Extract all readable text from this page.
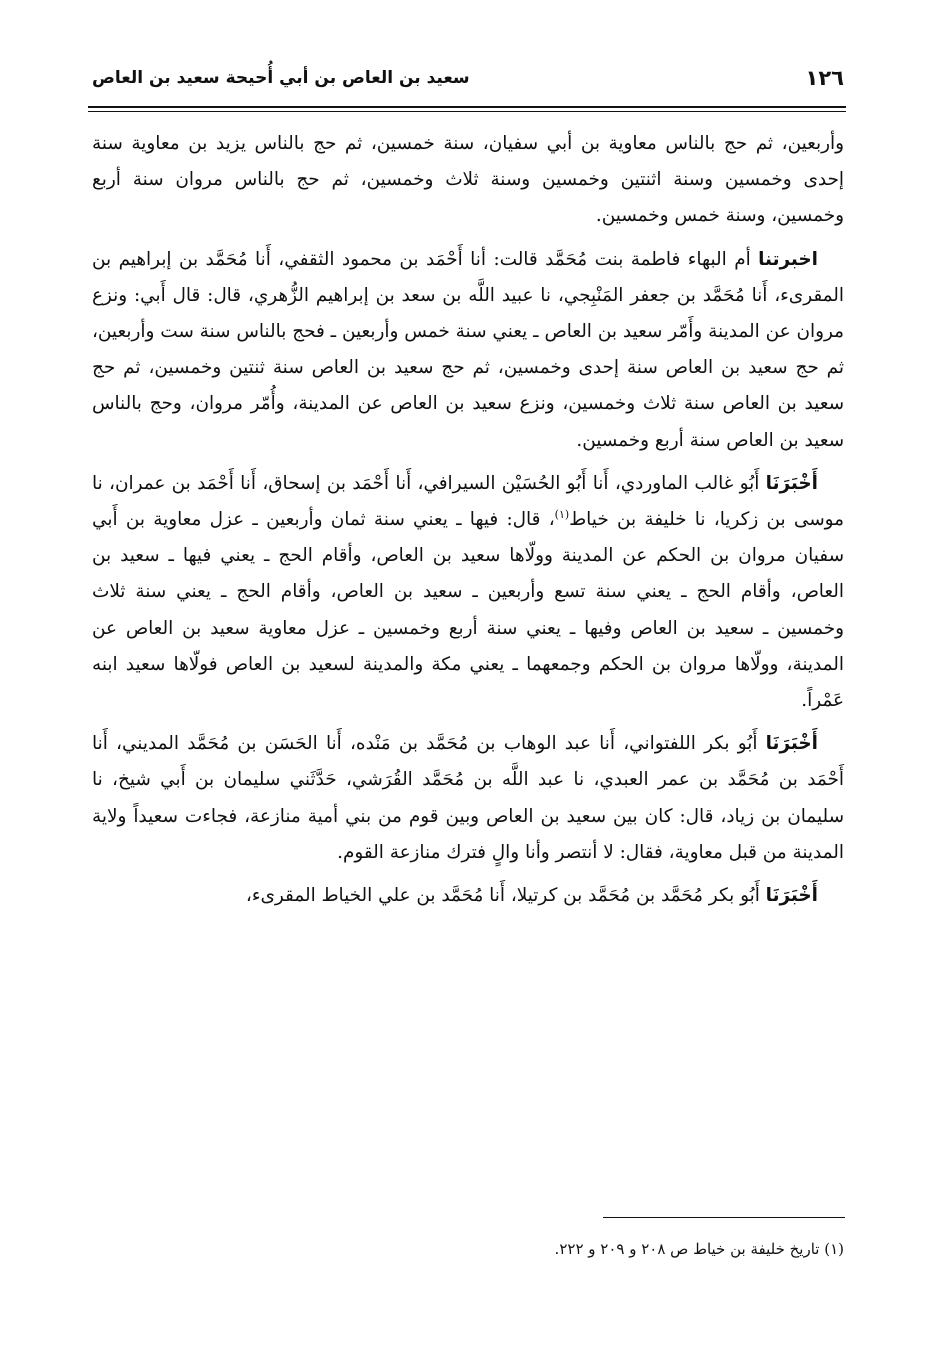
١٢٦
سعيد بن العاص بن أبي أُحيحة سعيد بن العاص

وأربعين، ثم حج بالناس معاوية بن أبي سفيان، سنة خمسين، ثم حج بالناس يزيد بن معاوية سنة إحدى وخمسين وسنة اثنتين وخمسين وسنة ثلاث وخمسين، ثم حج بالناس مروان سنة أربع وخمسين، وسنة خمس وخمسين.

اخبرتنا أم البهاء فاطمة بنت مُحَمَّد قالت: أنا أَحْمَد بن محمود الثقفي، أَنا مُحَمَّد بن إبراهيم بن المقرىء، أَنا مُحَمَّد بن جعفر المَنْبِجي، نا عبيد اللَّه بن سعد بن إبراهيم الزُّهري، قال: قال أَبي: ونزع مروان عن المدينة وأَمّر سعيد بن العاص ـ يعني سنة خمس وأربعين ـ فحج بالناس سنة ست وأربعين، ثم حج سعيد بن العاص سنة إحدى وخمسين، ثم حج سعيد بن العاص سنة ثنتين وخمسين، ثم حج سعيد بن العاص سنة ثلاث وخمسين، ونزع سعيد بن العاص عن المدينة، وأُمّر مروان، وحج بالناس سعيد بن العاص سنة أربع وخمسين.

أَخْبَرَنَا أَبُو غالب الماوردي، أَنا أَبُو الحُسَيْن السيرافي، أَنا أَحْمَد بن إسحاق، أَنا أَحْمَد بن عمران، نا موسى بن زكريا، نا خليفة بن خياط$^{(١)}$، قال: فيها ـ يعني سنة ثمان وأربعين ـ عزل معاوية بن أَبي سفيان مروان بن الحكم عن المدينة وولّاها سعيد بن العاص، وأقام الحج ـ يعني فيها ـ سعيد بن العاص، وأقام الحج ـ يعني سنة تسع وأربعين ـ سعيد بن العاص، وأقام الحج ـ يعني سنة ثلاث وخمسين ـ سعيد بن العاص وفيها ـ يعني سنة أربع وخمسين ـ عزل معاوية سعيد بن العاص عن المدينة، وولّاها مروان بن الحكم وجمعهما ـ يعني مكة والمدينة لسعيد بن العاص فولّاها سعيد ابنه عَمْراً.

أَخْبَرَنَا أَبُو بكر اللفتواني، أَنا عبد الوهاب بن مُحَمَّد بن مَنْده، أَنا الحَسَن بن مُحَمَّد المديني، أَنا أَحْمَد بن مُحَمَّد بن عمر العبدي، نا عبد اللَّه بن مُحَمَّد القُرَشي، حَدَّثَني سليمان بن أَبي شيخ، نا سليمان بن زياد، قال: كان بين سعيد بن العاص وبين قوم من بني أمية منازعة، فجاءت سعيداً ولاية المدينة من قبل معاوية، فقال: لا أنتصر وأنا والٍ فترك منازعة القوم.

أَخْبَرَنَا أَبُو بكر مُحَمَّد بن مُحَمَّد بن كرتيلا، أَنا مُحَمَّد بن علي الخياط المقرىء،

(١) تاريخ خليفة بن خياط ص ٢٠٨ و ٢٠٩ و ٢٢٢.
